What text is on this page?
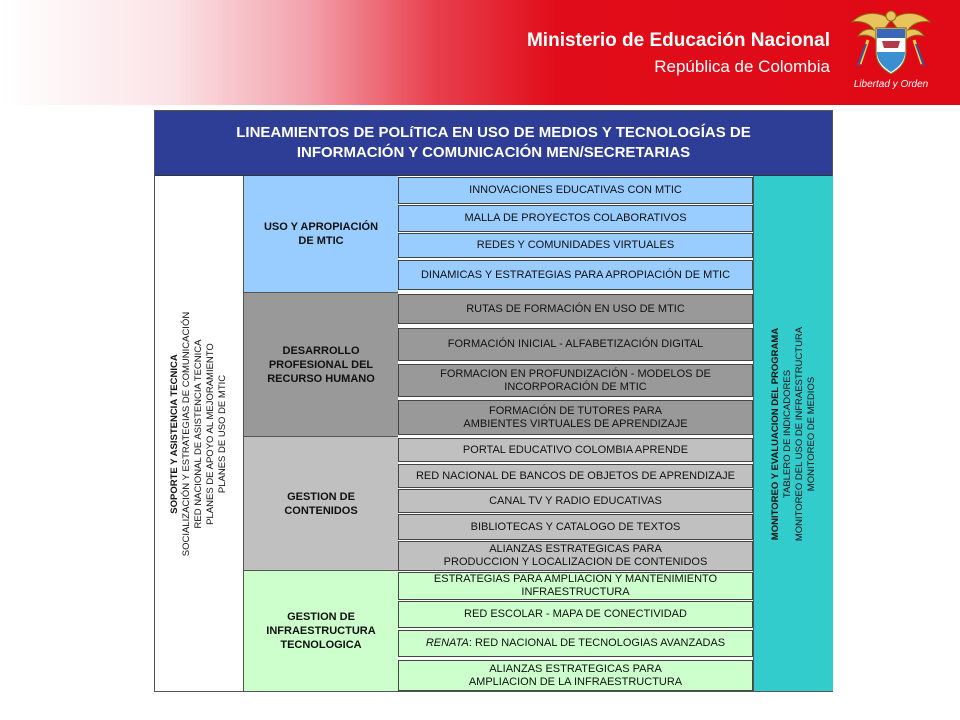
Ministerio de Educación Nacional
República de Colombia
Libertad y Orden
LINEAMIENTOS DE POLíTICA EN USO DE MEDIOS Y TECNOLOGÍAS DE
INFORMACIÓN Y COMUNICACIÓN MEN/SECRETARIAS
SOPORTE Y ASISTENCIA TECNICA SOCIALIZACIÓN Y ESTRATEGIAS DE COMUNICACIÓN RED NACIONAL DE ASISTENCIA TECNICA PLANES DE APOYO AL MEJORAMIENTO PLANES DE USO DE MTIC	MONITOREO Y EVALUACION DEL PROGRAMA TABLERO DE INDICADORES MONITOREO DEL USO DE INFRAESTRUCTURA MONITOREO DE MEDIOS
USO Y APROPIACIÓN
DE MTIC
DESARROLLO
PROFESIONAL DEL
RECURSO HUMANO
GESTION DE
CONTENIDOS
GESTION DE
INFRAESTRUCTURA
TECNOLOGICA
INNOVACIONES EDUCATIVAS CON MTIC
MALLA DE PROYECTOS COLABORATIVOS
REDES Y COMUNIDADES VIRTUALES
DINAMICAS Y ESTRATEGIAS PARA APROPIACIÓN DE MTIC
RUTAS DE FORMACIÓN EN USO DE MTIC
FORMACIÓN INICIAL - ALFABETIZACIÓN DIGITAL
FORMACION EN PROFUNDIZACIÓN - MODELOS DE
INCORPORACIÓN DE MTIC
FORMACIÓN DE TUTORES PARA
AMBIENTES VIRTUALES DE APRENDIZAJE
PORTAL EDUCATIVO COLOMBIA APRENDE
RED NACIONAL DE BANCOS DE OBJETOS DE APRENDIZAJE
CANAL TV Y RADIO EDUCATIVAS
BIBLIOTECAS Y CATALOGO DE TEXTOS
ALIANZAS ESTRATEGICAS PARA
PRODUCCION Y LOCALIZACION DE CONTENIDOS
ESTRATEGIAS PARA AMPLIACION Y MANTENIMIENTO
INFRAESTRUCTURA
RED ESCOLAR - MAPA DE CONECTIVIDAD
RENATA: RED NACIONAL DE TECNOLOGIAS AVANZADAS
ALIANZAS ESTRATEGICAS PARA
AMPLIACION DE LA INFRAESTRUCTURA
